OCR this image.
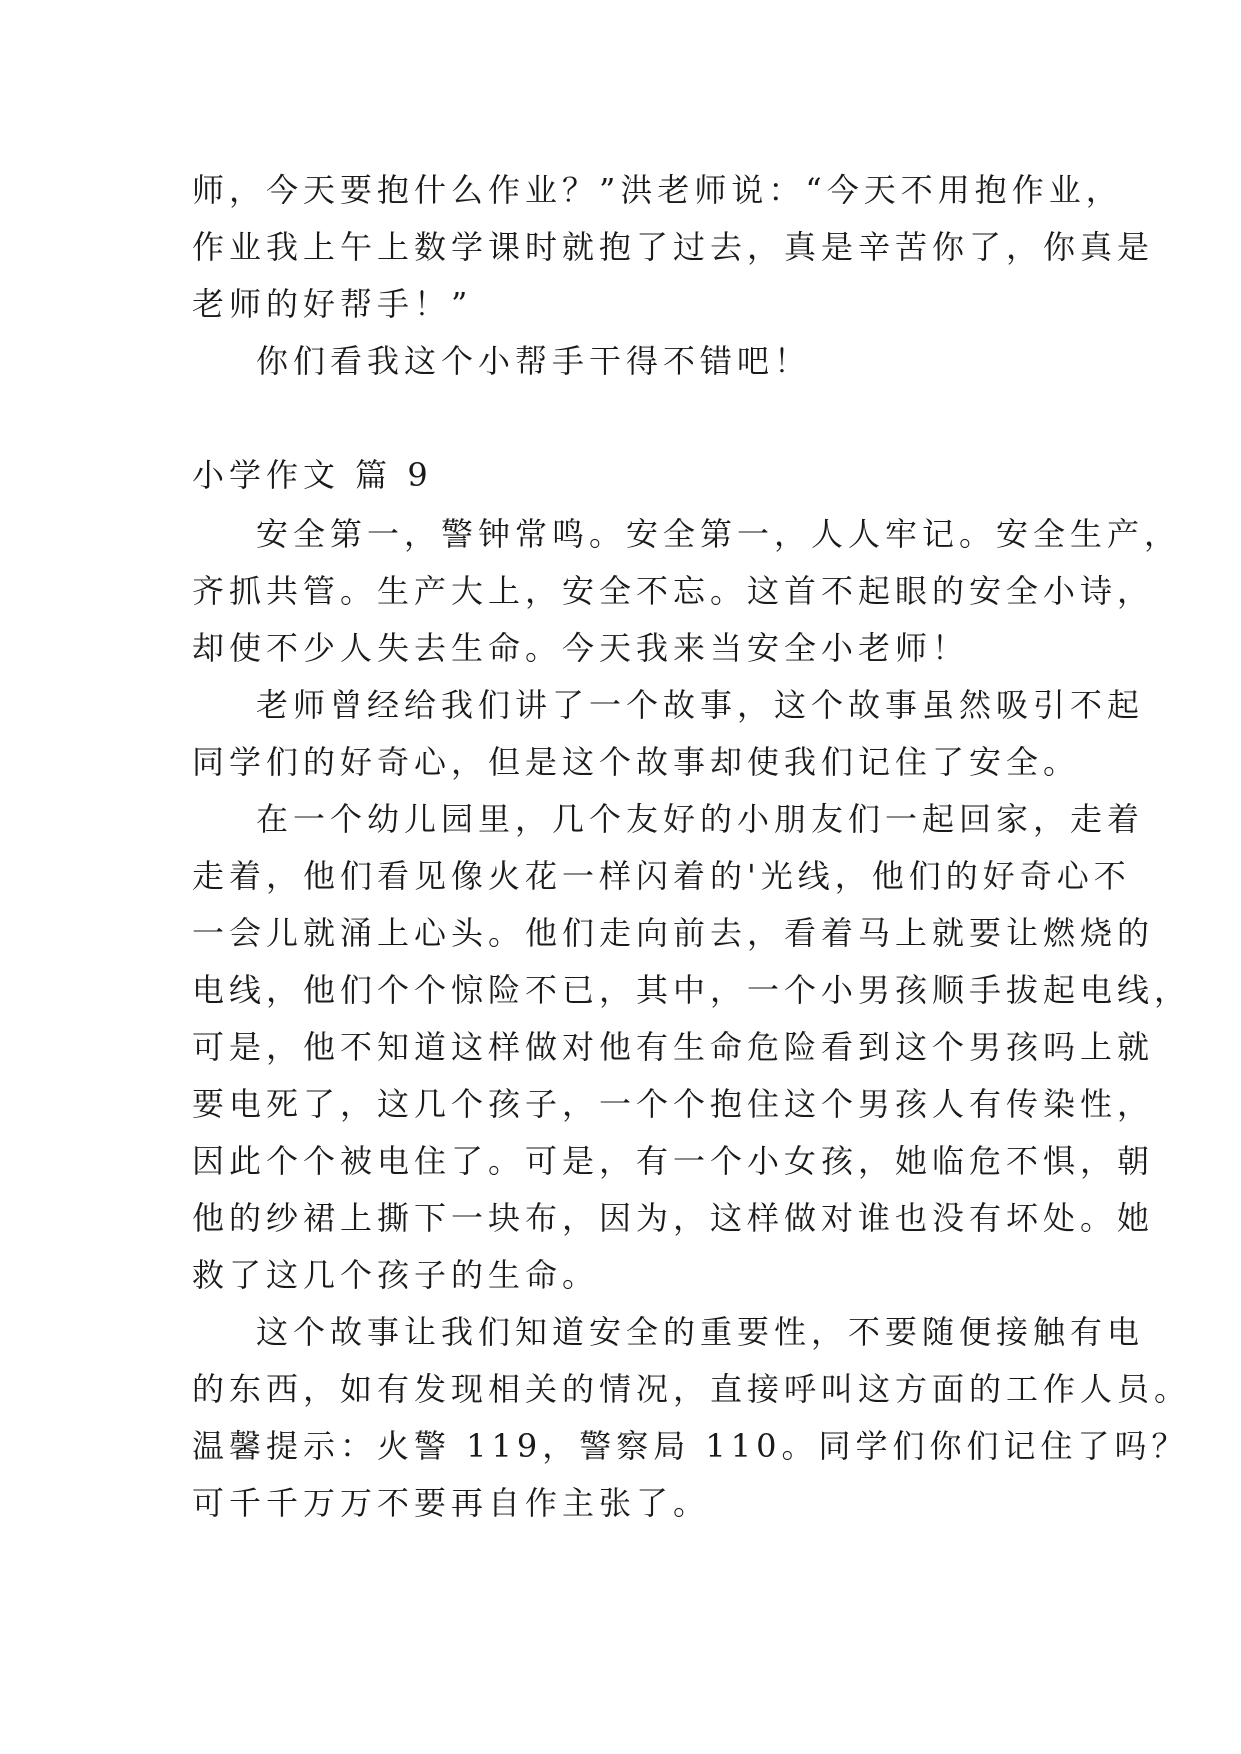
师，今天要抱什么作业？”洪老师说：“今天不用抱作业，
作业我上午上数学课时就抱了过去，真是辛苦你了，你真是
老师的好帮手！”
你们看我这个小帮手干得不错吧！
小学作文 篇 9
安全第一，警钟常鸣。安全第一，人人牢记。安全生产，
齐抓共管。生产大上，安全不忘。这首不起眼的安全小诗，
却使不少人失去生命。今天我来当安全小老师！
老师曾经给我们讲了一个故事，这个故事虽然吸引不起
同学们的好奇心，但是这个故事却使我们记住了安全。
在一个幼儿园里，几个友好的小朋友们一起回家，走着
走着，他们看见像火花一样闪着的'光线，他们的好奇心不
一会儿就涌上心头。他们走向前去，看着马上就要让燃烧的
电线，他们个个惊险不已，其中，一个小男孩顺手拔起电线，
可是，他不知道这样做对他有生命危险看到这个男孩吗上就
要电死了，这几个孩子，一个个抱住这个男孩人有传染性，
因此个个被电住了。可是，有一个小女孩，她临危不惧，朝
他的纱裙上撕下一块布，因为，这样做对谁也没有坏处。她
救了这几个孩子的生命。
这个故事让我们知道安全的重要性，不要随便接触有电
的东西，如有发现相关的情况，直接呼叫这方面的工作人员。
温馨提示：火警 119，警察局 110。同学们你们记住了吗？
可千千万万不要再自作主张了。
